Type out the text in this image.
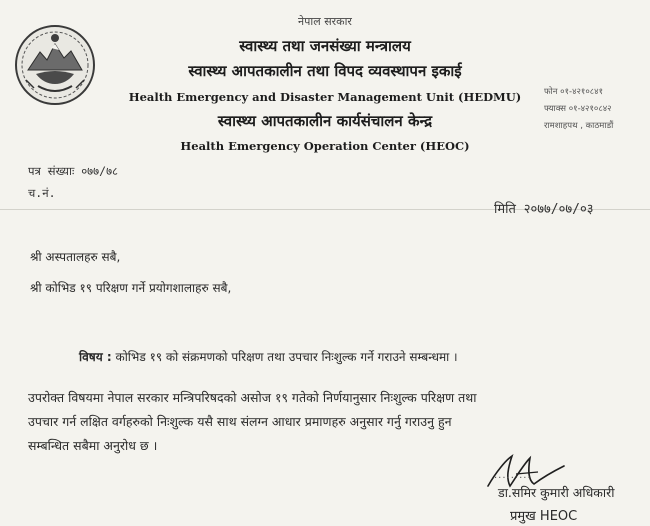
नेपाल सरकार
स्वास्थ्य तथा जनसंख्या मन्त्रालय
स्वास्थ्य आपतकालीन तथा विपद व्यवस्थापन इकाई
Health Emergency and Disaster Management Unit (HEDMU)
स्वास्थ्य आपतकालीन कार्यसंचालन केन्द्र
Health Emergency Operation Center (HEOC)
फोन ०१-४२१०८४१
फ्याक्स ०१-४२१०८४२
रामशाहपथ , काठमाडौं
पत्र संख्याः ०७७/७८
च.नं.
मिति २०७७/०७/०३
श्री अस्पतालहरु सबै,
श्री कोभिड १९ परिक्षण गर्ने प्रयोगशालाहरु सबै,
विषय : कोभिड १९ को संक्रमणको परिक्षण तथा उपचार निःशुल्क गर्ने गराउने सम्बन्धमा ।
उपरोक्त विषयमा नेपाल सरकार मन्त्रिपरिषदको असोज १९ गतेको निर्णयानुसार निःशुल्क परिक्षण तथा
उपचार गर्न लक्षित वर्गहरुको निःशुल्क यसै साथ संलग्न आधार प्रमाणहरु अनुसार गर्नु गराउनु हुन
सम्बन्धित सबैमा अनुरोध छ ।
.........
डा.समिर कुमारी अधिकारी
प्रमुख HEOC
